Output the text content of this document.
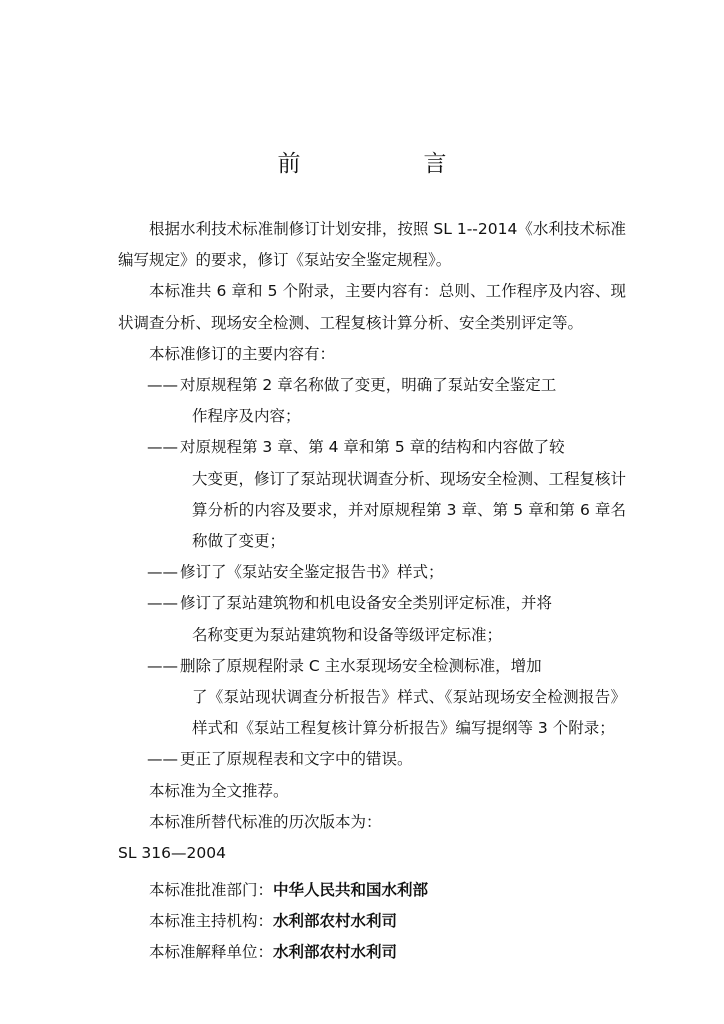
前　言

根据水利技术标准制修订计划安排，按照 SL 1--2014《水利技术标准编写规定》的要求，修订《泵站安全鉴定规程》。

本标准共 6 章和 5 个附录，主要内容有：总则、工作程序及内容、现状调查分析、现场安全检测、工程复核计算分析、安全类别评定等。

本标准修订的主要内容有：

—— 对原规程第 2 章名称做了变更，明确了泵站安全鉴定工
作程序及内容；
—— 对原规程第 3 章、第 4 章和第 5 章的结构和内容做了较
大变更，修订了泵站现状调查分析、现场安全检测、工程复核计算分析的内容及要求，并对原规程第 3 章、第 5 章和第 6 章名称做了变更；
—— 修订了《泵站安全鉴定报告书》样式；
—— 修订了泵站建筑物和机电设备安全类别评定标准，并将
名称变更为泵站建筑物和设备等级评定标准；
—— 删除了原规程附录 C 主水泵现场安全检测标准，增加
了《泵站现状调查分析报告》样式、《泵站现场安全检测报告》样式和《泵站工程复核计算分析报告》编写提纲等 3 个附录；
—— 更正了原规程表和文字中的错误。

本标准为全文推荐。

本标准所替代标准的历次版本为：

SL 316—2004

本标准批准部门：中华人民共和国水利部

本标准主持机构：水利部农村水利司

本标准解释单位：水利部农村水利司
